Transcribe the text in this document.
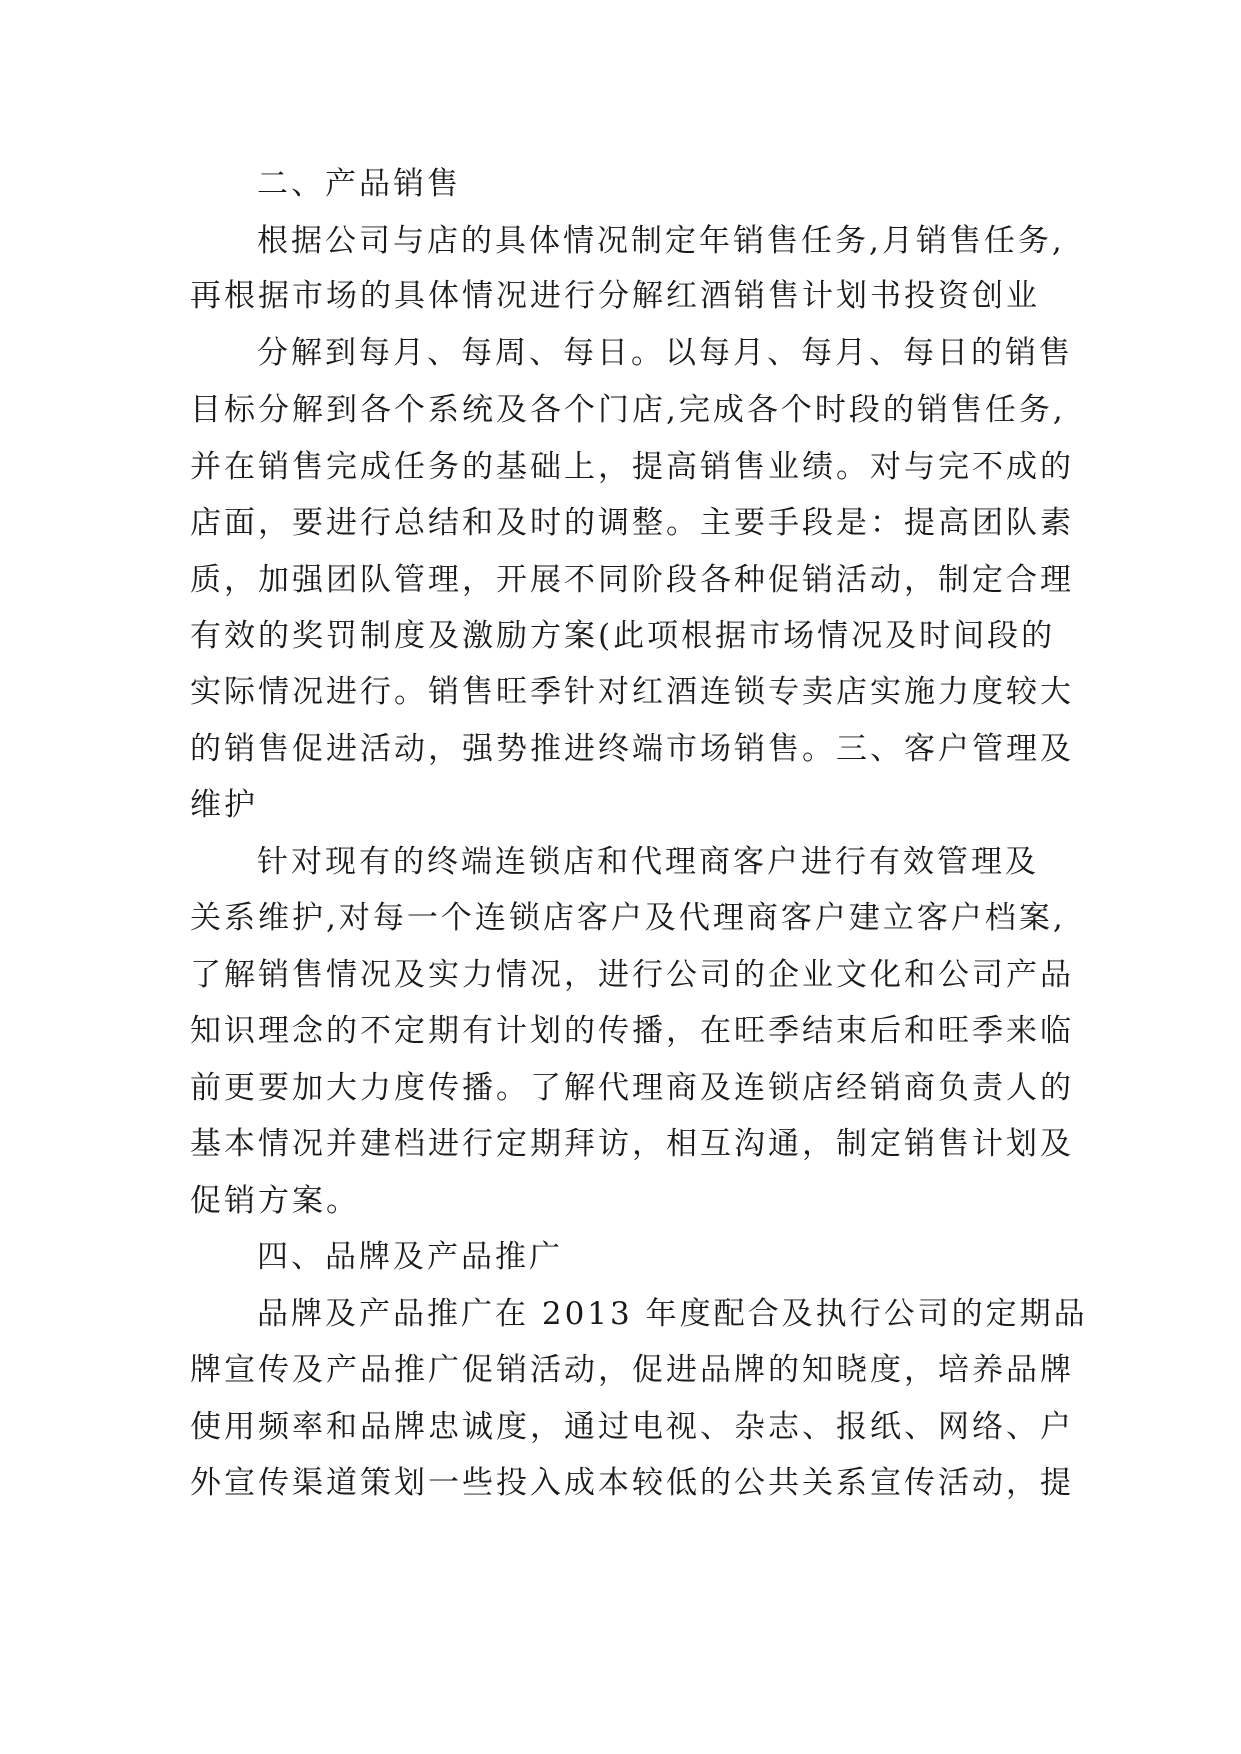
二、产品销售
根据公司与店的具体情况制定年销售任务,月销售任务,
再根据市场的具体情况进行分解红酒销售计划书投资创业
分解到每月、每周、每日。以每月、每月、每日的销售
目标分解到各个系统及各个门店,完成各个时段的销售任务,
并在销售完成任务的基础上，提高销售业绩。对与完不成的
店面，要进行总结和及时的调整。主要手段是：提高团队素
质，加强团队管理，开展不同阶段各种促销活动，制定合理
有效的奖罚制度及激励方案(此项根据市场情况及时间段的
实际情况进行。销售旺季针对红酒连锁专卖店实施力度较大
的销售促进活动，强势推进终端市场销售。三、客户管理及
维护
针对现有的终端连锁店和代理商客户进行有效管理及
关系维护,对每一个连锁店客户及代理商客户建立客户档案,
了解销售情况及实力情况，进行公司的企业文化和公司产品
知识理念的不定期有计划的传播，在旺季结束后和旺季来临
前更要加大力度传播。了解代理商及连锁店经销商负责人的
基本情况并建档进行定期拜访，相互沟通，制定销售计划及
促销方案。
四、品牌及产品推广
品牌及产品推广在 2013 年度配合及执行公司的定期品
牌宣传及产品推广促销活动，促进品牌的知晓度，培养品牌
使用频率和品牌忠诚度，通过电视、杂志、报纸、网络、户
外宣传渠道策划一些投入成本较低的公共关系宣传活动，提
